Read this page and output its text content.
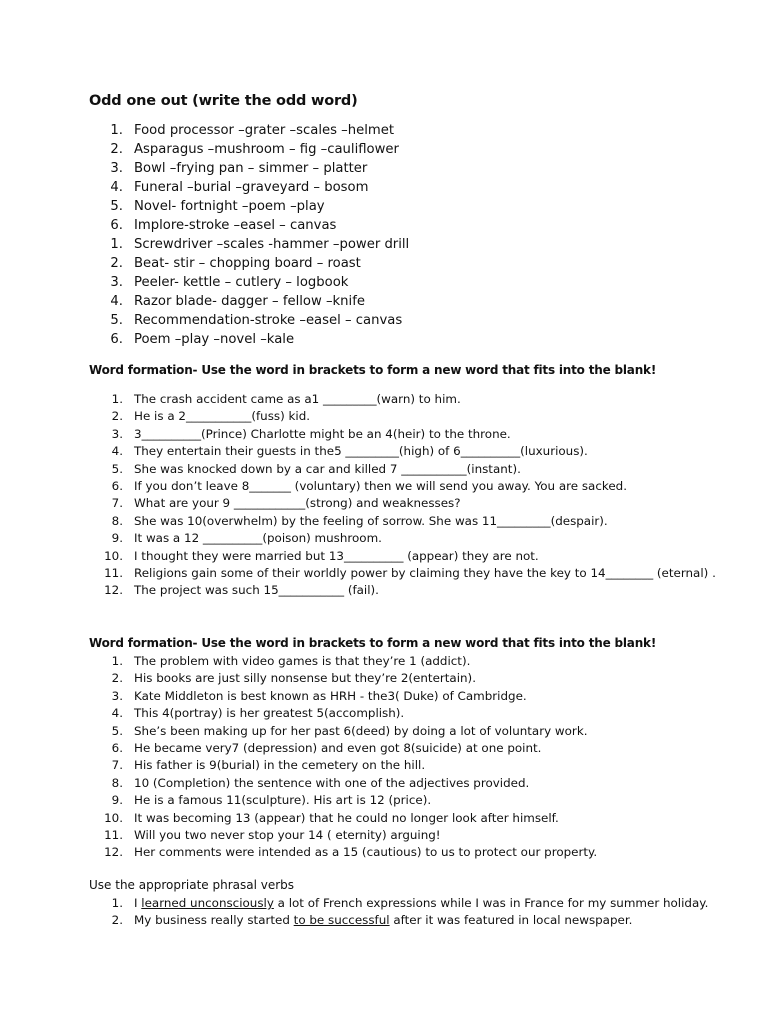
Odd one out (write the odd word)
1. Food processor –grater –scales –helmet
2. Asparagus –mushroom – fig –cauliflower
3. Bowl –frying pan – simmer – platter
4. Funeral –burial –graveyard – bosom
5. Novel- fortnight –poem –play
6. Implore-stroke –easel – canvas
1. Screwdriver –scales -hammer –power drill
2. Beat- stir – chopping board – roast
3. Peeler- kettle – cutlery – logbook
4. Razor blade- dagger – fellow –knife
5. Recommendation-stroke –easel – canvas
6. Poem –play –novel –kale
Word formation- Use the word in brackets to form a new word that fits into the blank!
1. The crash accident came as a1 _________(warn) to him.
2. He is a 2___________(fuss) kid.
3. 3__________(Prince) Charlotte might be an 4(heir) to the throne.
4. They entertain their guests in the5 _________(high) of 6__________(luxurious).
5. She was knocked down by a car and killed 7 ___________(instant).
6. If you don’t leave 8_______ (voluntary) then we will send you away. You are sacked.
7. What are your 9 ____________(strong) and weaknesses?
8. She was 10(overwhelm) by the feeling of sorrow. She was 11_________(despair).
9. It was a 12 __________(poison) mushroom.
10. I thought they were married but 13__________ (appear) they are not.
11. Religions gain some of their worldly power by claiming they have the key to 14________ (eternal) .
12. The project was such 15___________ (fail).
Word formation- Use the word in brackets to form a new word that fits into the blank!
1. The problem with video games is that they’re 1 (addict).
2. His books are just silly nonsense but they’re 2(entertain).
3. Kate Middleton is best known as HRH - the3( Duke) of Cambridge.
4. This 4(portray) is her greatest 5(accomplish).
5. She’s been making up for her past 6(deed) by doing a lot of voluntary work.
6. He became very7 (depression) and even got 8(suicide) at one point.
7. His father is 9(burial) in the cemetery on the hill.
8. 10 (Completion) the sentence with one of the adjectives provided.
9. He is a famous 11(sculpture). His art is 12 (price).
10. It was becoming 13 (appear) that he could no longer look after himself.
11. Will you two never stop your 14 ( eternity) arguing!
12. Her comments were intended as a 15 (cautious) to us to protect our property.
Use the appropriate phrasal verbs
1. I learned unconsciously a lot of French expressions while I was in France for my summer holiday.
2. My business really started to be successful after it was featured in local newspaper.
